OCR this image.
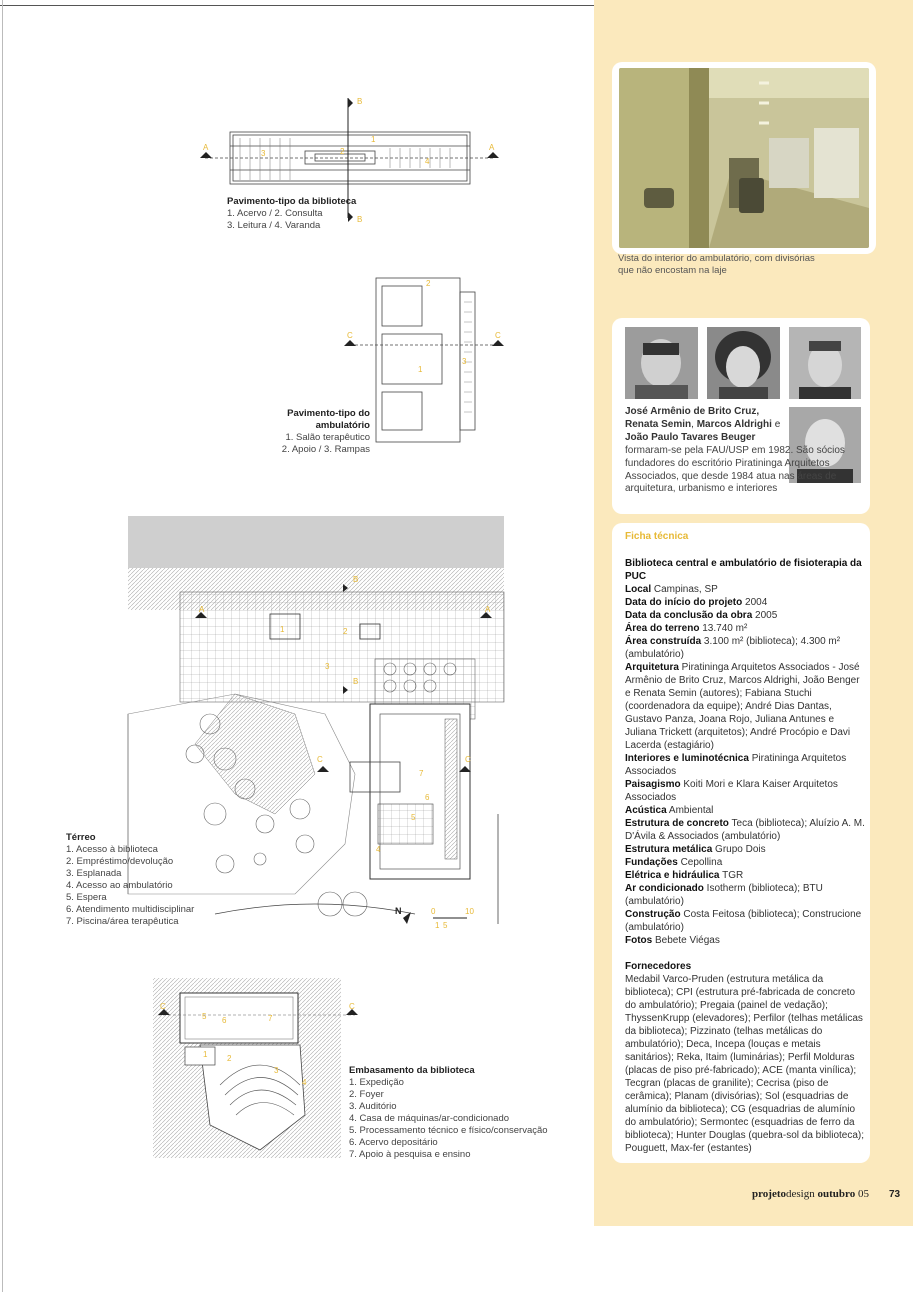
A	A
B
B
1
2
3
4
Pavimento-tipo da biblioteca
1. Acervo / 2. Consulta
3. Leitura / 4. Varanda
C	C
1
2
3
Pavimento-tipo do ambulatório
1. Salão terapêutico
2. Apoio / 3. Rampas
A	A
B
B
C	C
1	2
3
4
5
6
7
N	0
5
10
1
Térreo
1. Acesso à biblioteca
2. Empréstimo/devolução
3. Esplanada
4. Acesso ao ambulatório
5. Espera
6. Atendimento multidisciplinar
7. Piscina/área terapêutica
C	C
1 2
3
4
5 6	7
Embasamento da biblioteca
1. Expedição
2. Foyer
3. Auditório
4. Casa de máquinas/ar-condicionado
5. Processamento técnico e físico/conservação
6. Acervo depositário
7. Apoio à pesquisa e ensino
Vista do interior do ambulatório, com divisórias
que não encostam na laje
José Armênio de Brito Cruz,
Renata Semin, Marcos Aldrighi e
João Paulo Tavares Beuger
formaram-se pela FAU/USP em 1982. São sócios fundadores do escritório Piratininga Arquitetos Associados, que desde 1984 atua nas áreas de arquitetura, urbanismo e interiores
Ficha técnica
Biblioteca central e ambulatório de fisioterapia da PUC
Local Campinas, SP
Data do início do projeto 2004
Data da conclusão da obra 2005
Área do terreno 13.740 m²
Área construída 3.100 m² (biblioteca); 4.300 m² (ambulatório)
Arquitetura Piratininga Arquitetos Associados - José Armênio de Brito Cruz, Marcos Aldrighi, João Benger e Renata Semin (autores); Fabiana Stuchi (coordenadora da equipe); André Dias Dantas, Gustavo Panza, Joana Rojo, Juliana Antunes e Juliana Trickett (arquitetos); André Procópio e Davi Lacerda (estagiário)
Interiores e luminotécnica Piratininga Arquitetos Associados
Paisagismo Koiti Mori e Klara Kaiser Arquitetos Associados
Acústica Ambiental
Estrutura de concreto Teca (biblioteca); Aluízio A. M. D'Ávila & Associados (ambulatório)
Estrutura metálica Grupo Dois
Fundações Cepollina
Elétrica e hidráulica TGR
Ar condicionado Isotherm (biblioteca); BTU (ambulatório)
Construção Costa Feitosa (biblioteca); Construcione (ambulatório)
Fotos Bebete Viégas
Fornecedores
Medabil Varco-Pruden (estrutura metálica da biblioteca); CPI (estrutura pré-fabricada de concreto do ambulatório); Pregaia (painel de vedação); ThyssenKrupp (elevadores); Perfilor (telhas metálicas da biblioteca); Pizzinato (telhas metálicas do ambulatório); Deca, Incepa (louças e metais sanitários); Reka, Itaim (luminárias); Perfil Molduras (placas de piso pré-fabricado); ACE (manta vinílica); Tecgran (placas de granilite); Cecrisa (piso de cerâmica); Planam (divisórias); Sol (esquadrias de alumínio da biblioteca); CG (esquadrias de alumínio do ambulatório); Sermontec (esquadrias de ferro da biblioteca); Hunter Douglas (quebra-sol da biblioteca); Pouguett, Max-fer (estantes)
projetodesign outubro 05 73
